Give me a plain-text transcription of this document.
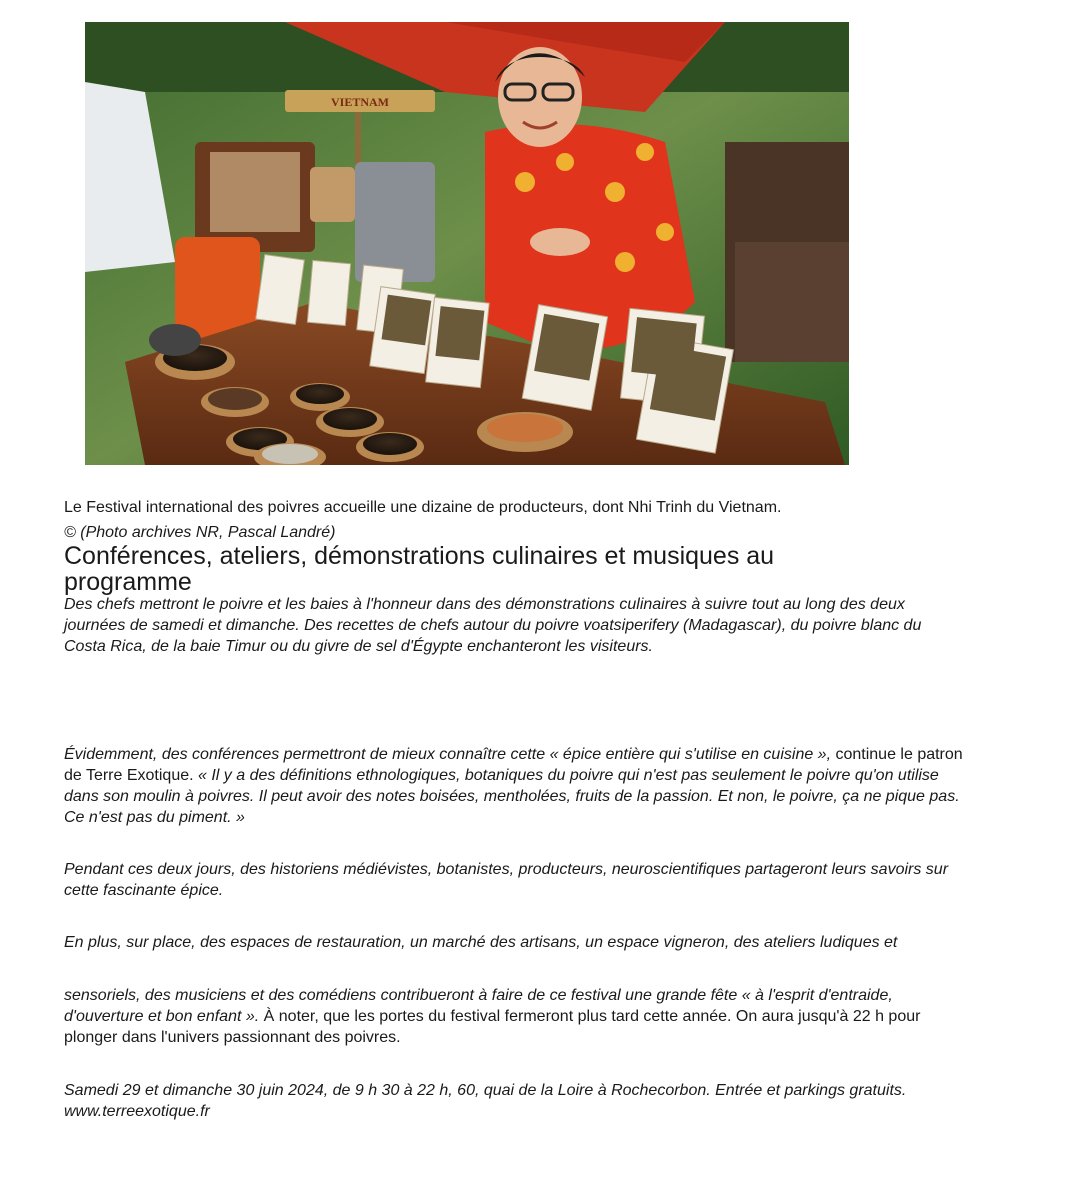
VIETNAM
Le Festival international des poivres accueille une dizaine de producteurs, dont Nhi Trinh du Vietnam.
© (Photo archives NR, Pascal Landré)
Conférences, ateliers, démonstrations culinaires et musiques au programme
Des chefs mettront le poivre et les baies à l'honneur dans des démonstrations culinaires à suivre tout au long des deux journées de samedi et dimanche. Des recettes de chefs autour du poivre voatsiperifery (Madagascar), du poivre blanc du Costa Rica, de la baie Timur ou du givre de sel d'Égypte enchanteront les visiteurs.
Évidemment, des conférences permettront de mieux connaître cette « épice entière qui s'utilise en cuisine », continue le patron de Terre Exotique. « Il y a des définitions ethnologiques, botaniques du poivre qui n'est pas seulement le poivre qu'on utilise dans son moulin à poivres. Il peut avoir des notes boisées, mentholées, fruits de la passion. Et non, le poivre, ça ne pique pas. Ce n'est pas du piment. »
Pendant ces deux jours, des historiens médiévistes, botanistes, producteurs, neuroscientifiques partageront leurs savoirs sur cette fascinante épice.
En plus, sur place, des espaces de restauration, un marché des artisans, un espace vigneron, des ateliers ludiques et
sensoriels, des musiciens et des comédiens contribueront à faire de ce festival une grande fête « à l'esprit d'entraide, d'ouverture et bon enfant ». À noter, que les portes du festival fermeront plus tard cette année. On aura jusqu'à 22 h pour plonger dans l'univers passionnant des poivres.
Samedi 29 et dimanche 30 juin 2024, de 9 h 30 à 22 h, 60, quai de la Loire à Rochecorbon. Entrée et parkings gratuits. www.terreexotique.fr
